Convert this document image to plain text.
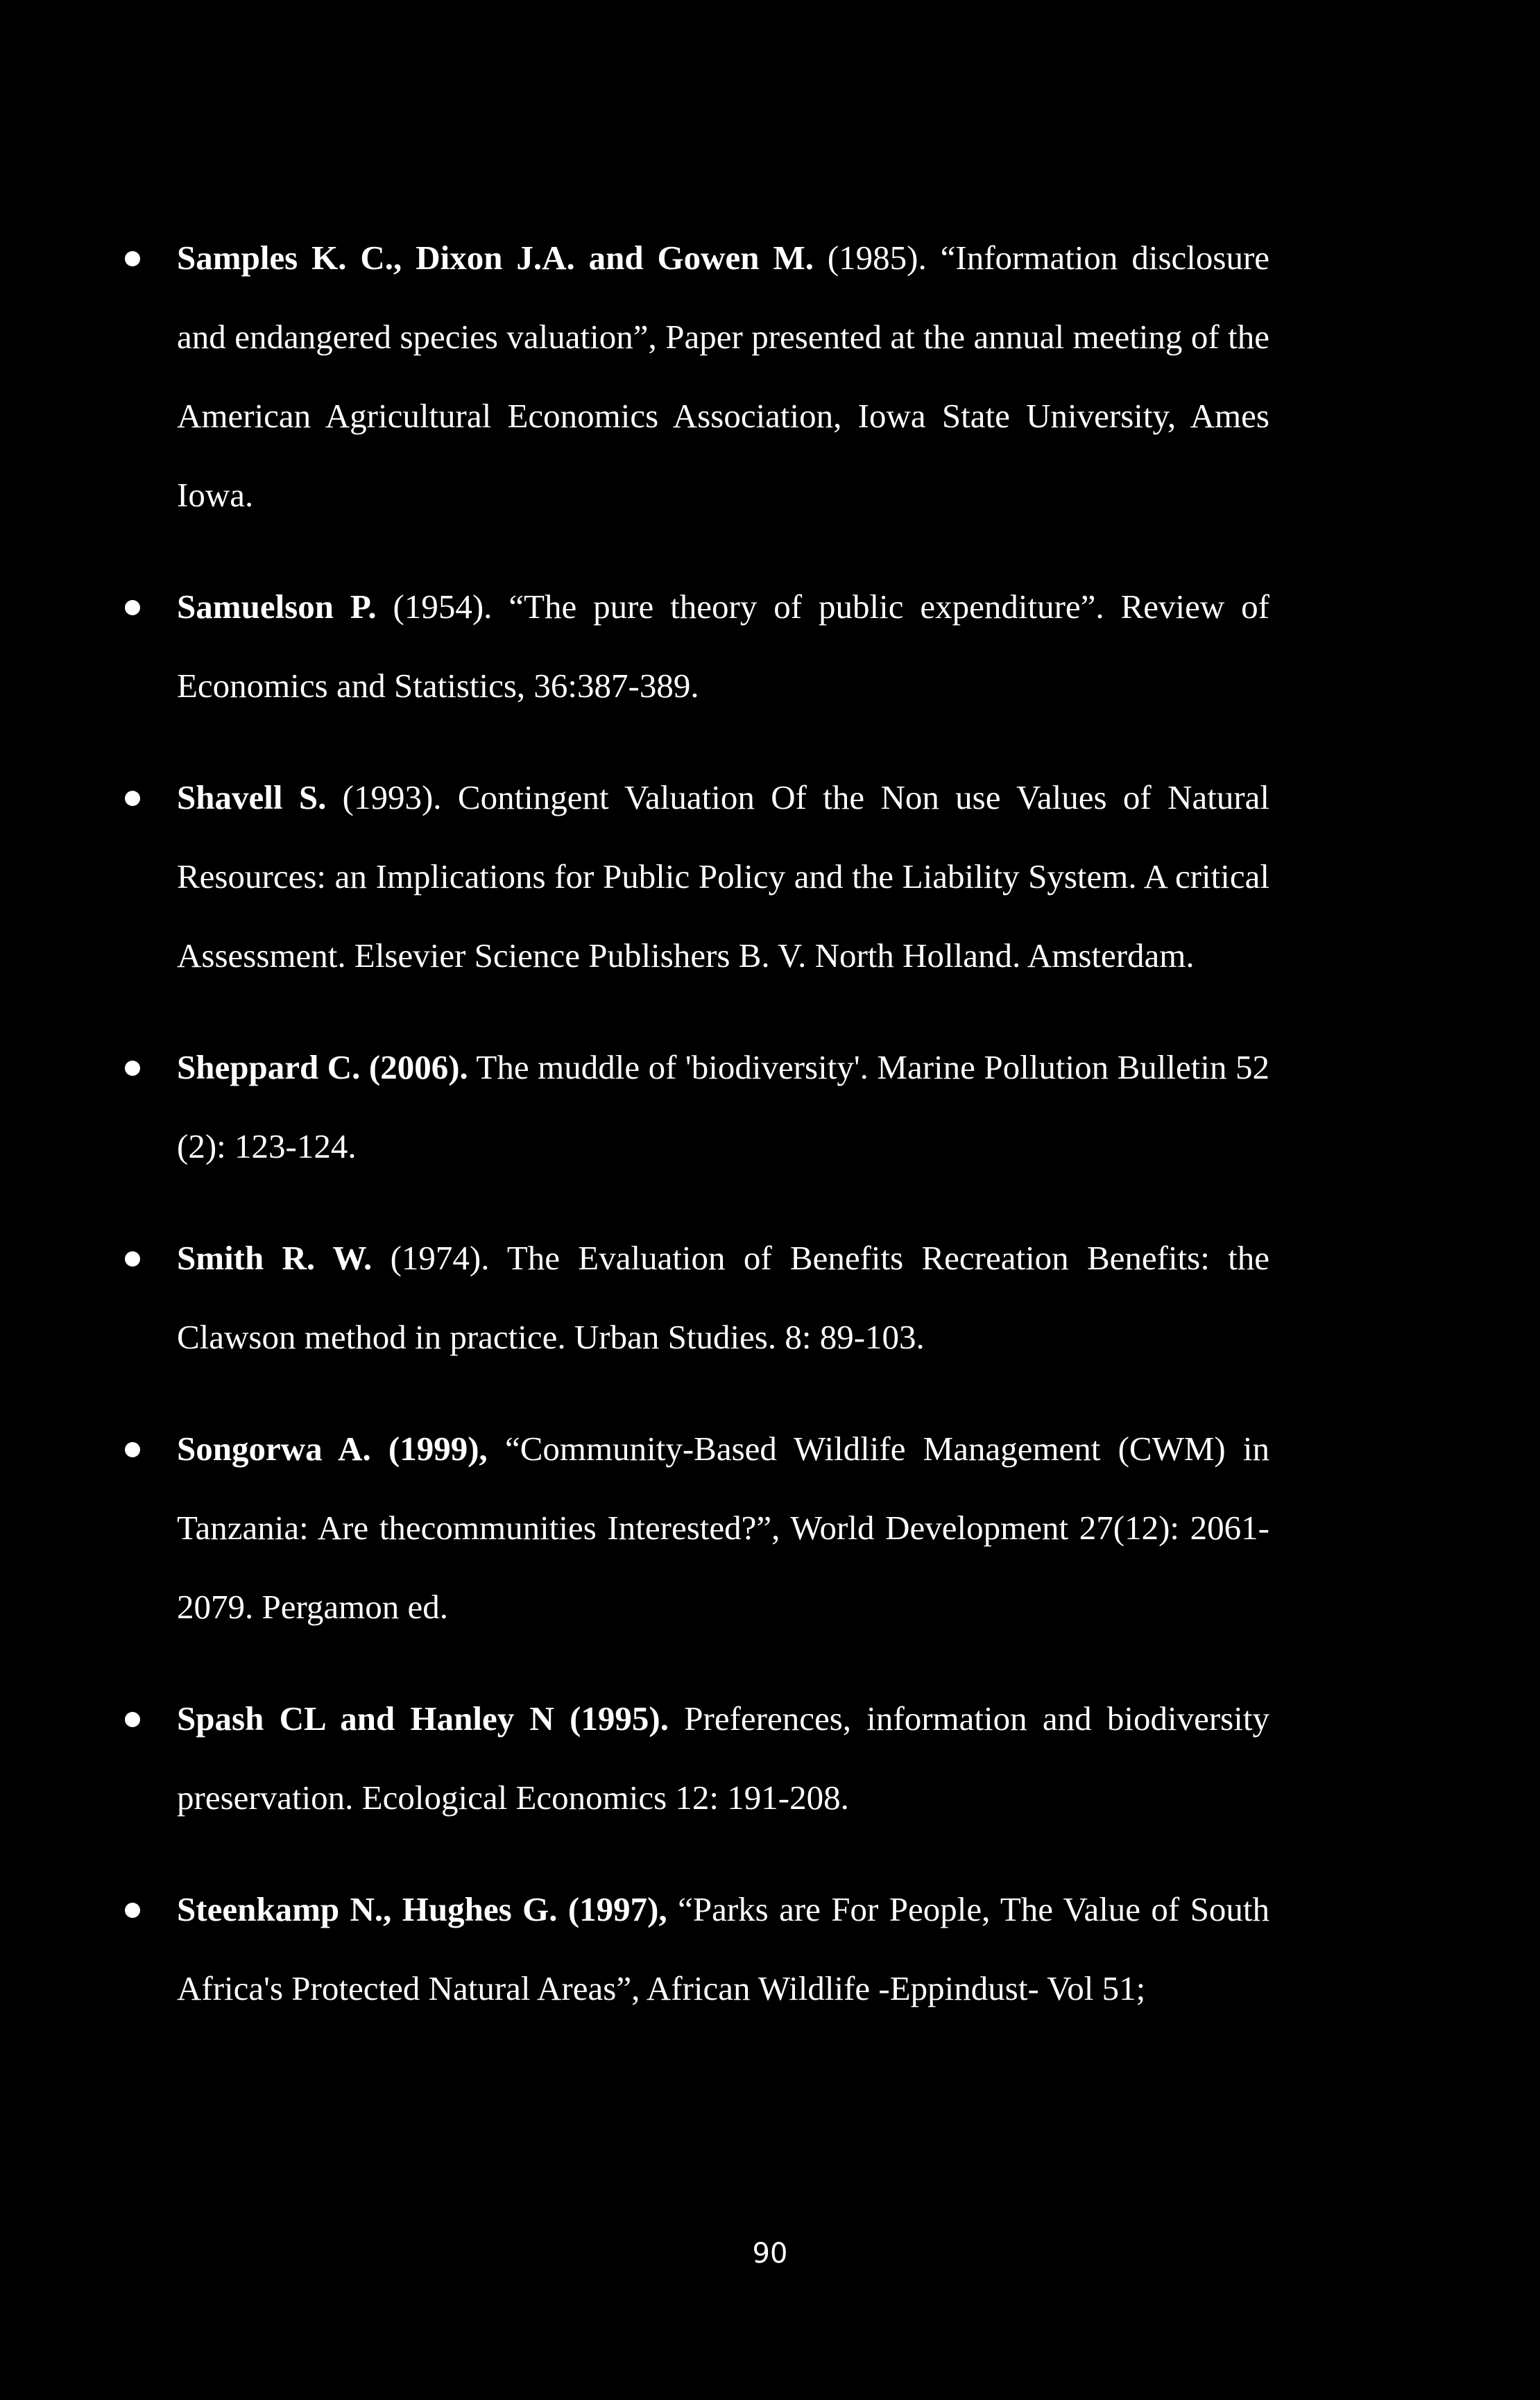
Samples K. C., Dixon J.A. and Gowen M. (1985). “Information disclosure and endangered species valuation”, Paper presented at the annual meeting of the American Agricultural Economics Association, Iowa State University, Ames Iowa.
Samuelson P. (1954). “The pure theory of public expenditure”. Review of Economics and Statistics, 36:387-389.
Shavell S. (1993). Contingent Valuation Of the Non use Values of Natural Resources: an Implications for Public Policy and the Liability System. A critical Assessment. Elsevier Science Publishers B. V. North Holland. Amsterdam.
Sheppard C. (2006). The muddle of 'biodiversity'. Marine Pollution Bulletin 52 (2): 123-124.
Smith R. W. (1974). The Evaluation of Benefits Recreation Benefits: the Clawson method in practice. Urban Studies. 8: 89-103.
Songorwa A. (1999), “Community-Based Wildlife Management (CWM) in Tanzania: Are thecommunities Interested?”, World Development 27(12): 2061-2079. Pergamon ed.
Spash CL and Hanley N (1995). Preferences, information and biodiversity preservation. Ecological Economics 12: 191-208.
Steenkamp N., Hughes G. (1997), “Parks are For People, The Value of South Africa's Protected Natural Areas”, African Wildlife -Eppindust- Vol 51;
90
